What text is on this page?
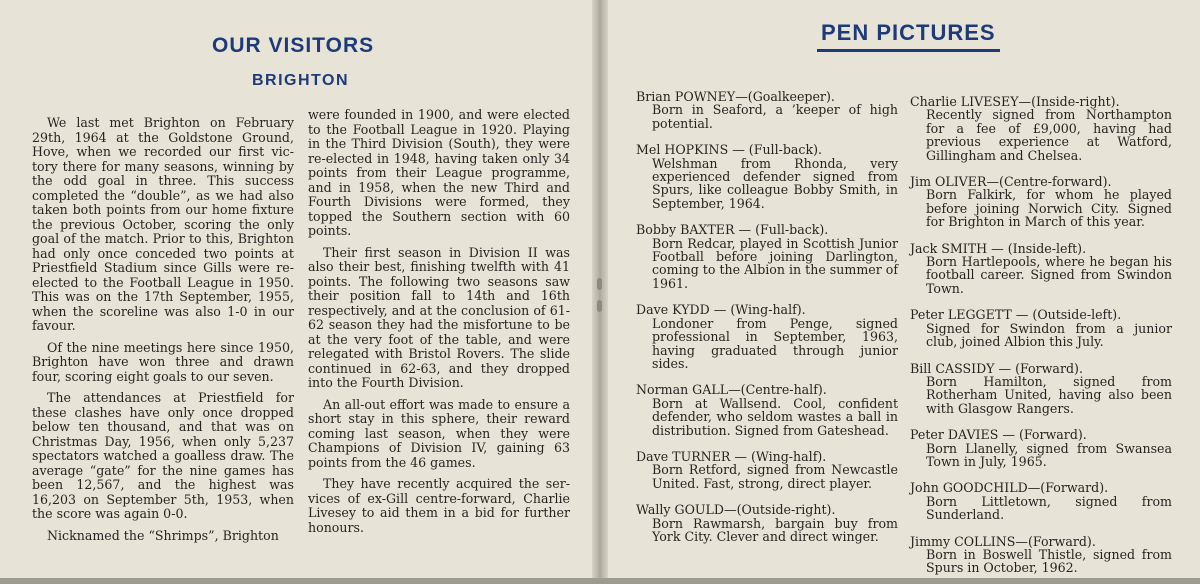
OUR VISITORS
BRIGHTON

We last met Brighton on February 29th, 1964 at the Goldstone Ground, Hove, when we recorded our first victory there for many seasons, winning by the odd goal in three. This success completed the “double”, as we had also taken both points from our home fixture the previous October, scoring the only goal of the match. Prior to this, Brighton had only once conceded two points at Priestfield Stadium since Gills were re-elected to the Football League in 1950. This was on the 17th September, 1955, when the scoreline was also 1-0 in our favour.

Of the nine meetings here since 1950, Brighton have won three and drawn four, scoring eight goals to our seven.

The attendances at Priestfield for these clashes have only once dropped below ten thousand, and that was on Christmas Day, 1956, when only 5,237 spectators watched a goalless draw. The average “gate” for the nine games has been 12,567, and the highest was 16,203 on September 5th, 1953, when the score was again 0-0.

Nicknamed the “Shrimps”, Brighton

were founded in 1900, and were elected to the Football League in 1920. Playing in the Third Division (South), they were re-elected in 1948, having taken only 34 points from their League programme, and in 1958, when the new Third and Fourth Divisions were formed, they topped the Southern section with 60 points.

Their first season in Division II was also their best, finishing twelfth with 41 points. The following two seasons saw their position fall to 14th and 16th respectively, and at the conclusion of 61-62 season they had the misfortune to be at the very foot of the table, and were relegated with Bristol Rovers. The slide continued in 62-63, and they dropped into the Fourth Division.

An all-out effort was made to ensure a short stay in this sphere, their reward coming last season, when they were Champions of Division IV, gaining 63 points from the 46 games.

They have recently acquired the services of ex-Gill centre-forward, Charlie Livesey to aid them in a bid for further honours.

PEN PICTURES
Brian POWNEY—(Goalkeeper).
Born in Seaford, a ’keeper of high potential.
Mel HOPKINS — (Full-back).
Welshman from Rhonda, very experienced defender signed from Spurs, like colleague Bobby Smith, in September, 1964.
Bobby BAXTER — (Full-back).
Born Redcar, played in Scottish Junior Football before joining Darlington, coming to the Albion in the summer of 1961.
Dave KYDD — (Wing-half).
Londoner from Penge, signed professional in September, 1963, having graduated through junior sides.
Norman GALL—(Centre-half).
Born at Wallsend. Cool, confident defender, who seldom wastes a ball in distribution. Signed from Gateshead.
Dave TURNER — (Wing-half).
Born Retford, signed from Newcastle United. Fast, strong, direct player.
Wally GOULD—(Outside-right).
Born Rawmarsh, bargain buy from York City. Clever and direct winger.
Charlie LIVESEY—(Inside-right).
Recently signed from Northampton for a fee of £9,000, having had previous experience at Watford, Gillingham and Chelsea.
Jim OLIVER—(Centre-forward).
Born Falkirk, for whom he played before joining Norwich City. Signed for Brighton in March of this year.
Jack SMITH — (Inside-left).
Born Hartlepools, where he began his football career. Signed from Swindon Town.
Peter LEGGETT — (Outside-left).
Signed for Swindon from a junior club, joined Albion this July.
Bill CASSIDY — (Forward).
Born Hamilton, signed from Rotherham United, having also been with Glasgow Rangers.
Peter DAVIES — (Forward).
Born Llanelly, signed from Swansea Town in July, 1965.
John GOODCHILD—(Forward).
Born Littletown, signed from Sunderland.
Jimmy COLLINS—(Forward).
Born in Boswell Thistle, signed from Spurs in October, 1962.
